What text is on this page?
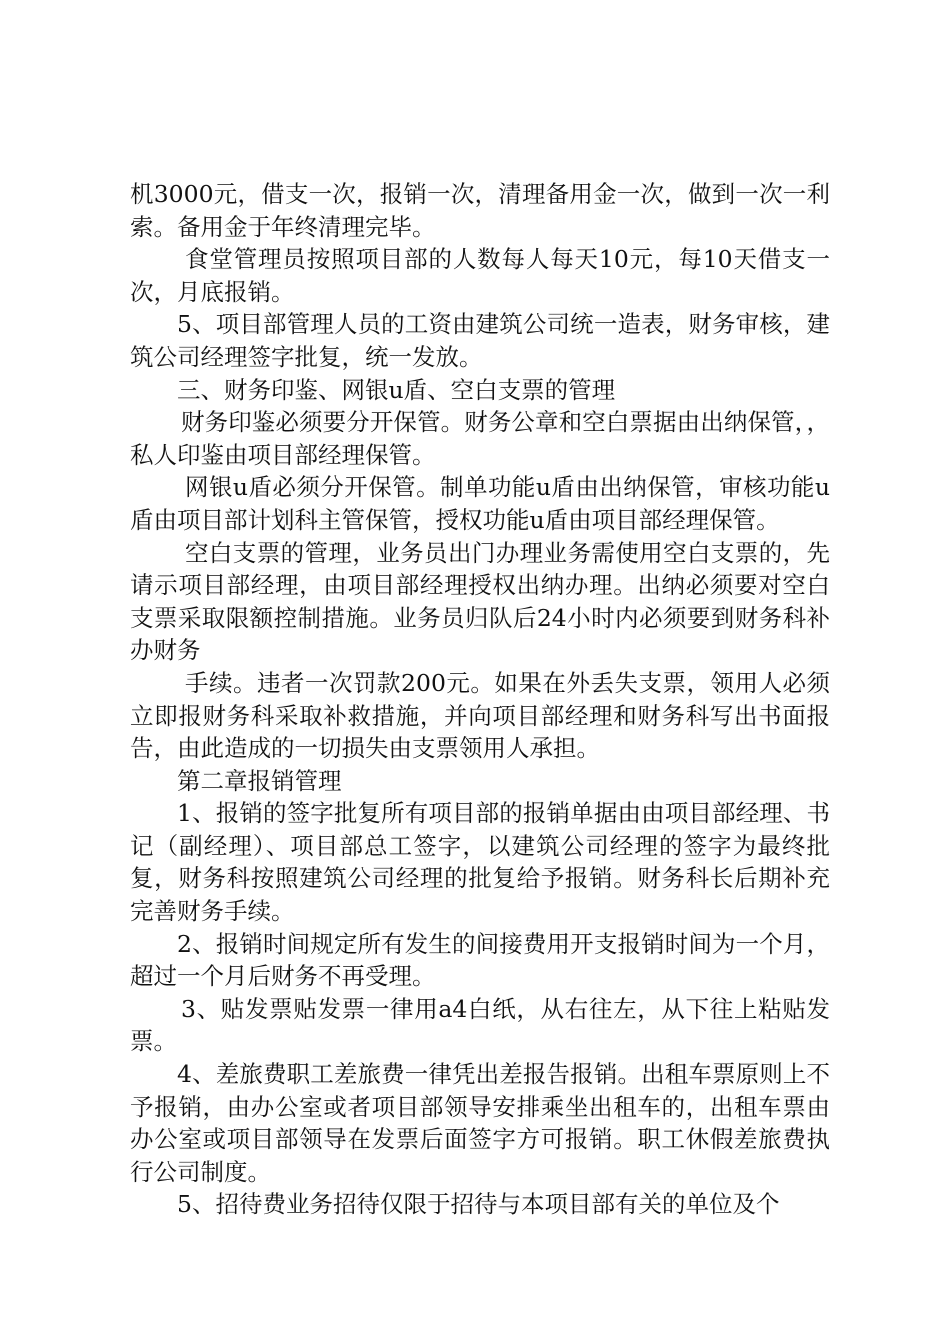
机3000元，借支一次，报销一次，清理备用金一次，做到一次一利索。备用金于年终清理完毕。

食堂管理员按照项目部的人数每人每天10元，每10天借支一次，月底报销。

5、项目部管理人员的工资由建筑公司统一造表，财务审核，建筑公司经理签字批复，统一发放。

三、财务印鉴、网银u盾、空白支票的管理

财务印鉴必须要分开保管。财务公章和空白票据由出纳保管，，私人印鉴由项目部经理保管。

网银u盾必须分开保管。制单功能u盾由出纳保管，审核功能u盾由项目部计划科主管保管，授权功能u盾由项目部经理保管。

空白支票的管理，业务员出门办理业务需使用空白支票的，先请示项目部经理，由项目部经理授权出纳办理。出纳必须要对空白支票采取限额控制措施。业务员归队后24小时内必须要到财务科补办财务

手续。违者一次罚款200元。如果在外丢失支票，领用人必须立即报财务科采取补救措施，并向项目部经理和财务科写出书面报告，由此造成的一切损失由支票领用人承担。

第二章报销管理

1、报销的签字批复所有项目部的报销单据由由项目部经理、书记（副经理）、项目部总工签字，以建筑公司经理的签字为最终批复，财务科按照建筑公司经理的批复给予报销。财务科长后期补充完善财务手续。

2、报销时间规定所有发生的间接费用开支报销时间为一个月，超过一个月后财务不再受理。

3、贴发票贴发票一律用a4白纸，从右往左，从下往上粘贴发票。

4、差旅费职工差旅费一律凭出差报告报销。出租车票原则上不予报销，由办公室或者项目部领导安排乘坐出租车的，出租车票由办公室或项目部领导在发票后面签字方可报销。职工休假差旅费执行公司制度。

5、招待费业务招待仅限于招待与本项目部有关的单位及个
